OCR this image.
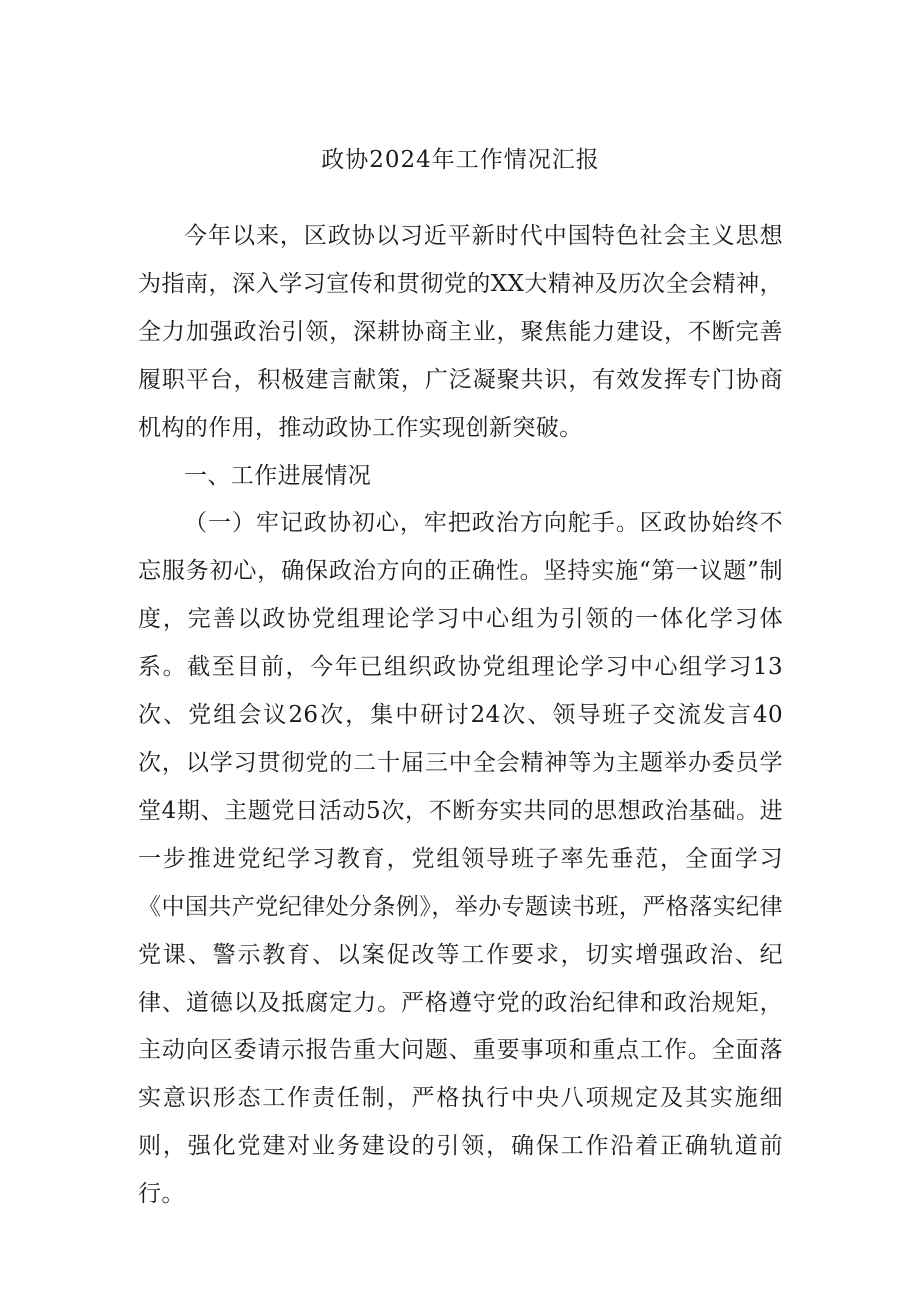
政协2024年工作情况汇报

今年以来，区政协以习近平新时代中国特色社会主义思想为指南，深入学习宣传和贯彻党的XX大精神及历次全会精神，全力加强政治引领，深耕协商主业，聚焦能力建设，不断完善履职平台，积极建言献策，广泛凝聚共识，有效发挥专门协商机构的作用，推动政协工作实现创新突破。

一、工作进展情况

（一）牢记政协初心，牢把政治方向舵手。区政协始终不忘服务初心，确保政治方向的正确性。坚持实施“第一议题”制度，完善以政协党组理论学习中心组为引领的一体化学习体系。截至目前，今年已组织政协党组理论学习中心组学习13次、党组会议26次，集中研讨24次、领导班子交流发言40次，以学习贯彻党的二十届三中全会精神等为主题举办委员学堂4期、主题党日活动5次，不断夯实共同的思想政治基础。进一步推进党纪学习教育，党组领导班子率先垂范，全面学习《中国共产党纪律处分条例》，举办专题读书班，严格落实纪律党课、警示教育、以案促改等工作要求，切实增强政治、纪律、道德以及抵腐定力。严格遵守党的政治纪律和政治规矩，主动向区委请示报告重大问题、重要事项和重点工作。全面落实意识形态工作责任制，严格执行中央八项规定及其实施细则，强化党建对业务建设的引领，确保工作沿着正确轨道前行。
